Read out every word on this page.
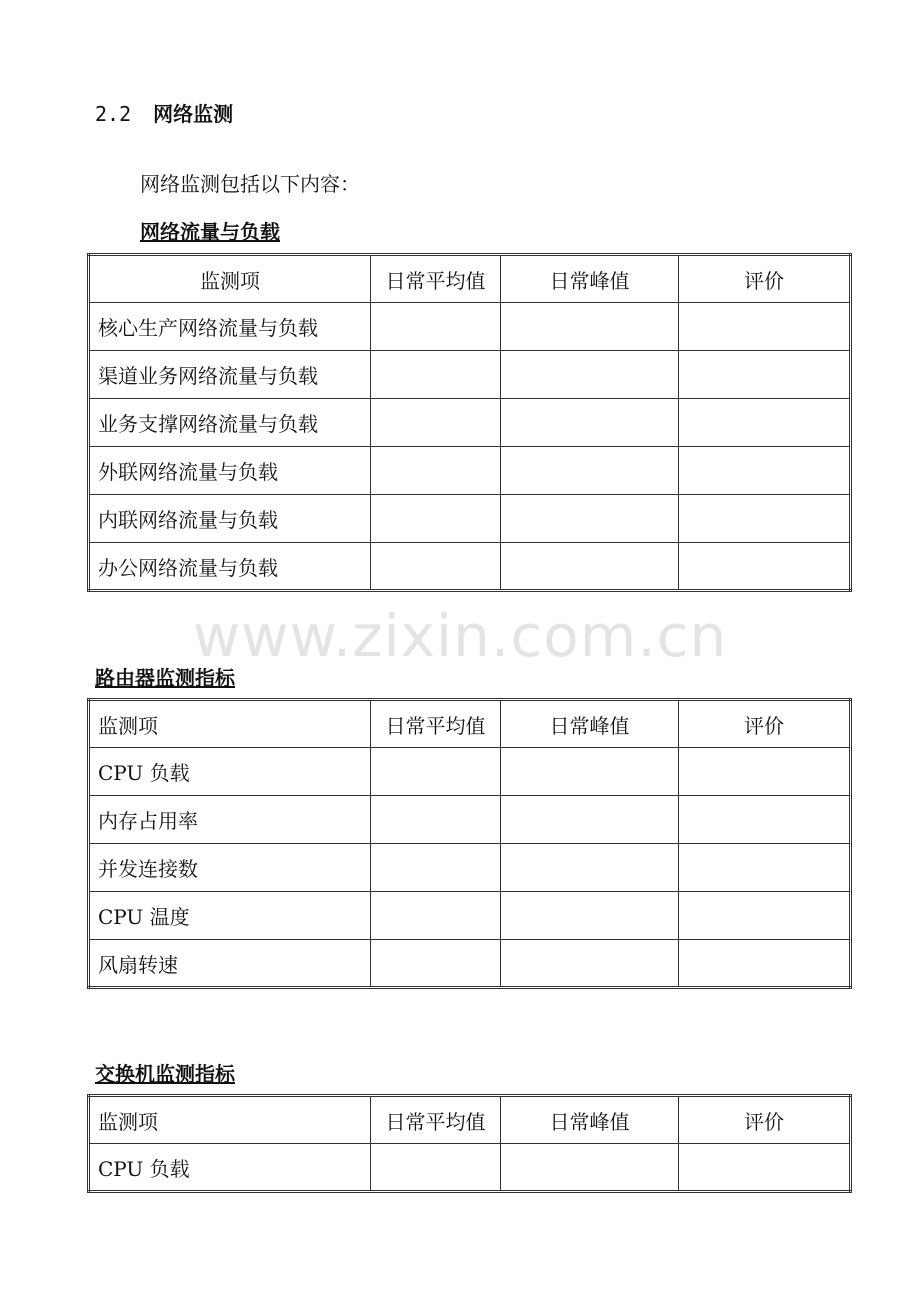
www.zixin.com.cn
2.2 网络监测
网络监测包括以下内容：
网络流量与负载
监测项	日常平均值	日常峰值	评价
核心生产网络流量与负载			
渠道业务网络流量与负载			
业务支撑网络流量与负载			
外联网络流量与负载			
内联网络流量与负载			
办公网络流量与负载			
路由器监测指标
监测项	日常平均值	日常峰值	评价
CPU 负载			
内存占用率			
并发连接数			
CPU 温度			
风扇转速			
交换机监测指标
监测项	日常平均值	日常峰值	评价
CPU 负载			
